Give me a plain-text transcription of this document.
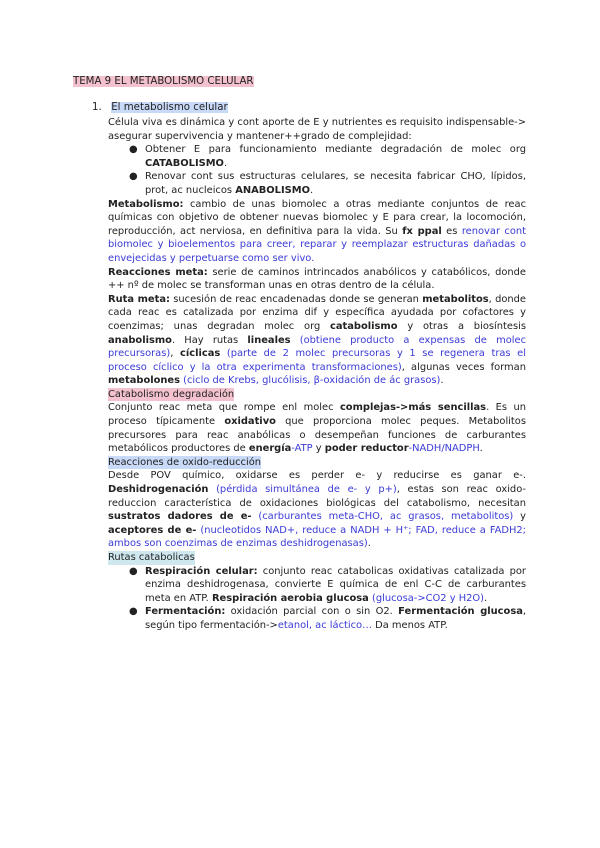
TEMA 9 EL METABOLISMO CELULAR
1. El metabolismo celular

Célula viva es dinámica y cont aporte de E y nutrientes es requisito indispensable-> asegurar supervivencia y mantener++grado de complejidad:

● Obtener E para funcionamiento mediante degradación de molec org CATABOLISMO.
● Renovar cont sus estructuras celulares, se necesita fabricar CHO, lípidos, prot, ac nucleicos ANABOLISMO.

Metabolismo: cambio de unas biomolec a otras mediante conjuntos de reac químicas con objetivo de obtener nuevas biomolec y E para crear, la locomoción, reproducción, act nerviosa, en definitiva para la vida. Su fx ppal es renovar cont biomolec y bioelementos para creer, reparar y reemplazar estructuras dañadas o envejecidas y perpetuarse como ser vivo.

Reacciones meta: serie de caminos intrincados anabólicos y catabólicos, donde ++ nº de molec se transforman unas en otras dentro de la célula.

Ruta meta: sucesión de reac encadenadas donde se generan metabolitos, donde cada reac es catalizada por enzima dif y específica ayudada por cofactores y coenzimas; unas degradan molec org catabolismo y otras a biosíntesis anabolismo. Hay rutas lineales (obtiene producto a expensas de molec precursoras), cíclicas (parte de 2 molec precursoras y 1 se regenera tras el proceso cíclico y la otra experimenta transformaciones), algunas veces forman metabolones (ciclo de Krebs, glucólisis, β-oxidación de ác grasos).

Catabolismo degradación

Conjunto reac meta que rompe enl molec complejas->más sencillas. Es un proceso típicamente oxidativo que proporciona molec peques. Metabolitos precursores para reac anabólicas o desempeñan funciones de carburantes metabólicos productores de energía-ATP y poder reductor-NADH/NADPH.

Reacciones de oxido-reducción

Desde POV químico, oxidarse es perder e- y reducirse es ganar e-. Deshidrogenación (pérdida simultánea de e- y p+), estas son reac oxido-reduccion característica de oxidaciones biológicas del catabolismo, necesitan sustratos dadores de e- (carburantes meta-CHO, ac grasos, metabolitos) y aceptores de e- (nucleotidos NAD+, reduce a NADH + H⁺; FAD, reduce a FADH2; ambos son coenzimas de enzimas deshidrogenasas).

Rutas catabolicas
● Respiración celular: conjunto reac catabolicas oxidativas catalizada por enzima deshidrogenasa, convierte E química de enl C-C de carburantes meta en ATP. Respiración aerobia glucosa (glucosa->CO2 y H2O).
● Fermentación: oxidación parcial con o sin O2. Fermentación glucosa, según tipo fermentación->etanol, ac láctico… Da menos ATP.
